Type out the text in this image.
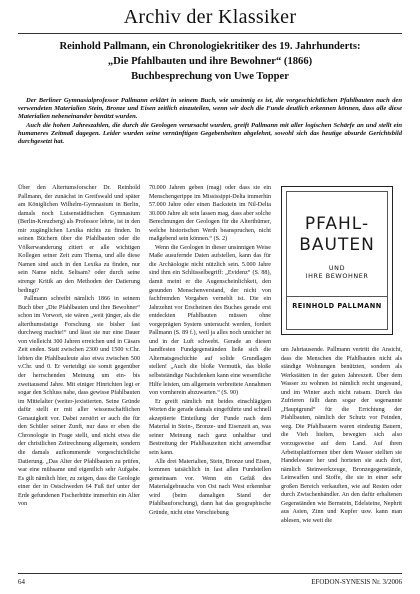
Archiv der Klassiker
Reinhold Pallmann, ein Chronologiekritiker des 19. Jahrhunderts:
„Die Pfahlbauten und ihre Bewohner“ (1866)
Buchbesprechung von Uwe Topper

Der Berliner Gymnasialprofessor Pallmann erklärt in seinem Buch, wie unsinnig es ist, die vorgeschichtlichen Pfahlbauten nach den verwendeten Materialien Stein, Bronze und Eisen zeitlich einzuteilen, wenn wir doch die Funde deutlich erkennen können, dass alle diese Materialien nebeneinander benützt wurden.

Auch die hohen Jahreszahlen, die durch die Geologen verursacht wurden, greift Pallmann mit aller logischen Schärfe an und stellt ein humaneres Zeitmaß dagegen. Leider wurden seine vernünftigen Gegebenheiten abgelehnt, sowohl sich das heutige absurde Gerichtsbild durchgesetzt hat.

Über den Altertumsforscher Dr. Reinhold Pallmann, der zunächst in Greifswald und später am Königlichen Wilhelm-Gymnasium in Berlin, damals noch Luisenstädtischen Gymnasium (Berlin-Kreuzberg) als Professor lehrte, ist in den mir zugänglichen Lexika nichts zu finden. In seinen Büchern über die Pfahlbauten oder die Völkerwanderung zitiert er alle wichtigen Kollegen seiner Zeit zum Thema, und alle diese Namen sind auch in den Lexika zu finden, nur sein Name nicht. Seltsam? oder durch seine strenge Kritik an den Methoden der Datierung bedingt?

Pallmann schreibt nämlich 1866 in seinem Buch über „Die Pfahlbauten und ihre Bewohner“ schon im Vorwort, sie wären „weit jünger, als die alterthumsüstige Forschung sie bisher fast durchweg machte!“ und lässt sie nur eine Dauer von vielleicht 300 Jahren erreichen und in Cäsars Zeit enden. Statt zwischen 2300 und 1500 v.Chr. lebten die Pfahlbauleute also etwa zwischen 500 v.Chr. und 0. Er verteidigt sie somit gegenüber der herrschenden Meinung um ein- bis zweitausend Jahre. Mit einiger Hinrichten legt er sogar den Schluss nahe, dass gewisse Pfahlbauten im Mittelalter (weiter-)existierten. Seine Gründe dafür stellt er mit aller wissenschaftlichen Genauigkeit vor. Dabei zerstört er auch die für den Schüler seiner Zunft, nur dass er eben die Chronologie in Frage stellt, und nicht etwa die der christlichen Zeitrechnung allgemein, sondern die damals aufkommende vorgeschichtliche Datierung. „Das Alter der Pfahlbauten zu prüfen, war eine mühsame und eigentlich sehr Aufgabe. Es gilt nämlich hier, zu zeigen, dass die Geologie einer der in Ostschweden 64 Fuß tief unter der Erde gefundenen Fischerhütte immerhin ein Alter von

70.000 Jahren geben (mag) oder dass sie ein Menschengerippe im Mississippi-Delta immerhin 57.000 Jahre oder einen Backstein im Nil-Delta 30.000 Jahre alt sein lassen mag, dass aber solche Berechnungen der Geologen für die Alterthümer, welche historischen Werth beanspruchen, nicht maßgebend sein können.“ (S. 2)

Wenn die Geologen in dieser unsinnigen Weise Maße ausufernde Daten aufstellen, kann das für die Archäologie nicht nützlich sein. 5.000 Jahre sind ihm ein Schlüsselbegriff: „Evidenz“ (S. 88), damit meint er die Augenscheinlichkeit, den gesunden Menschenverstand, der nicht von fachfremden Vorgaben verneblt ist. Die ein Jahrzehnt vor Erscheinen des Buches gerade erst entdeckten Pfahlbauten müssen ohne vorgeprägten System untersucht werden, fordert Pallmann (S. 89 f.), weil ja alles noch unsicher ist und in der Luft schwebt. Gerade an diesen handfesten Fundgegenständen ließe sich die Alternatsgeschichte auf solide Grundlagen stellen! „Auch die bloße Vermutik, das bloße selbstständige Nachdenken kann eine wesentliche Hilfe leisten, um allgemein verbreitete Annahmen von vornherein abzuwarten.“ (S. 90)

Er greift nämlich mit beides einschlägigen Worten die gerade damals eingeführte und schnell akzeptierte Einteilung der Funde nach dem Material in Stein-, Bronze- und Eisenzeit an, was seiner Meinung nach ganz unhaltbar und Bestreitung der Pfahlbauzeiten nicht anwendbar sein kann.

Alle drei Materialien, Stein, Bronze und Eisen, kommen tatsächlich in fast allen Fundstellen gemeinsam vor. Wenn ein Gefäß des Materialgebrauchs von Ost nach West erkennbar wird (beim damaligen Stand der Pfahlbauforschung), dann hat das geographische Gründe, nicht eine Verschiebung

PFAHL-
BAUTEN
UND
IHRE BEWOHNER
REINHOLD PALLMANN

um Jahrtausende. Pallmann vertritt die Ansicht, dass die Menschen die Pfahlbauten nicht als ständige Wohnungen benützten, sondern als Werkstätten in der guten Jahreszeit. Über dem Wasser zu wohnen ist nämlich recht ungesund, und im Winter auch nicht ratsam. Durch das Zufrieren fällt dann sogar der sogenannte „Hauptgrund“ für die Errichtung der Pfahlbauten, nämlich der Schutz vor Feinden, weg. Die Pfahlbauern waren eindeutig Bauern, die Vieh hielten, bewegten sich also vorzugsweise auf dem Land. Auf ihren Arbeitsplattformen über dem Wasser stellten sie Handelsware her und horteten sie auch dort, nämlich Steinwerkzeuge, Bronzegegenstände, Leinwaffen und Stoffe, die sie in einer sehr großen Bereich verkauften, wie auf Resten oder durch Zwischenhändler. An den dafür erhaltenen Gegenständen wie Bernstein, Edelsteine, Nephrit aus Asien, Zinn und Kupfer usw. kann man ablesen, wie weit die

64	EFODON-SYNESIS Nr. 3/2006
